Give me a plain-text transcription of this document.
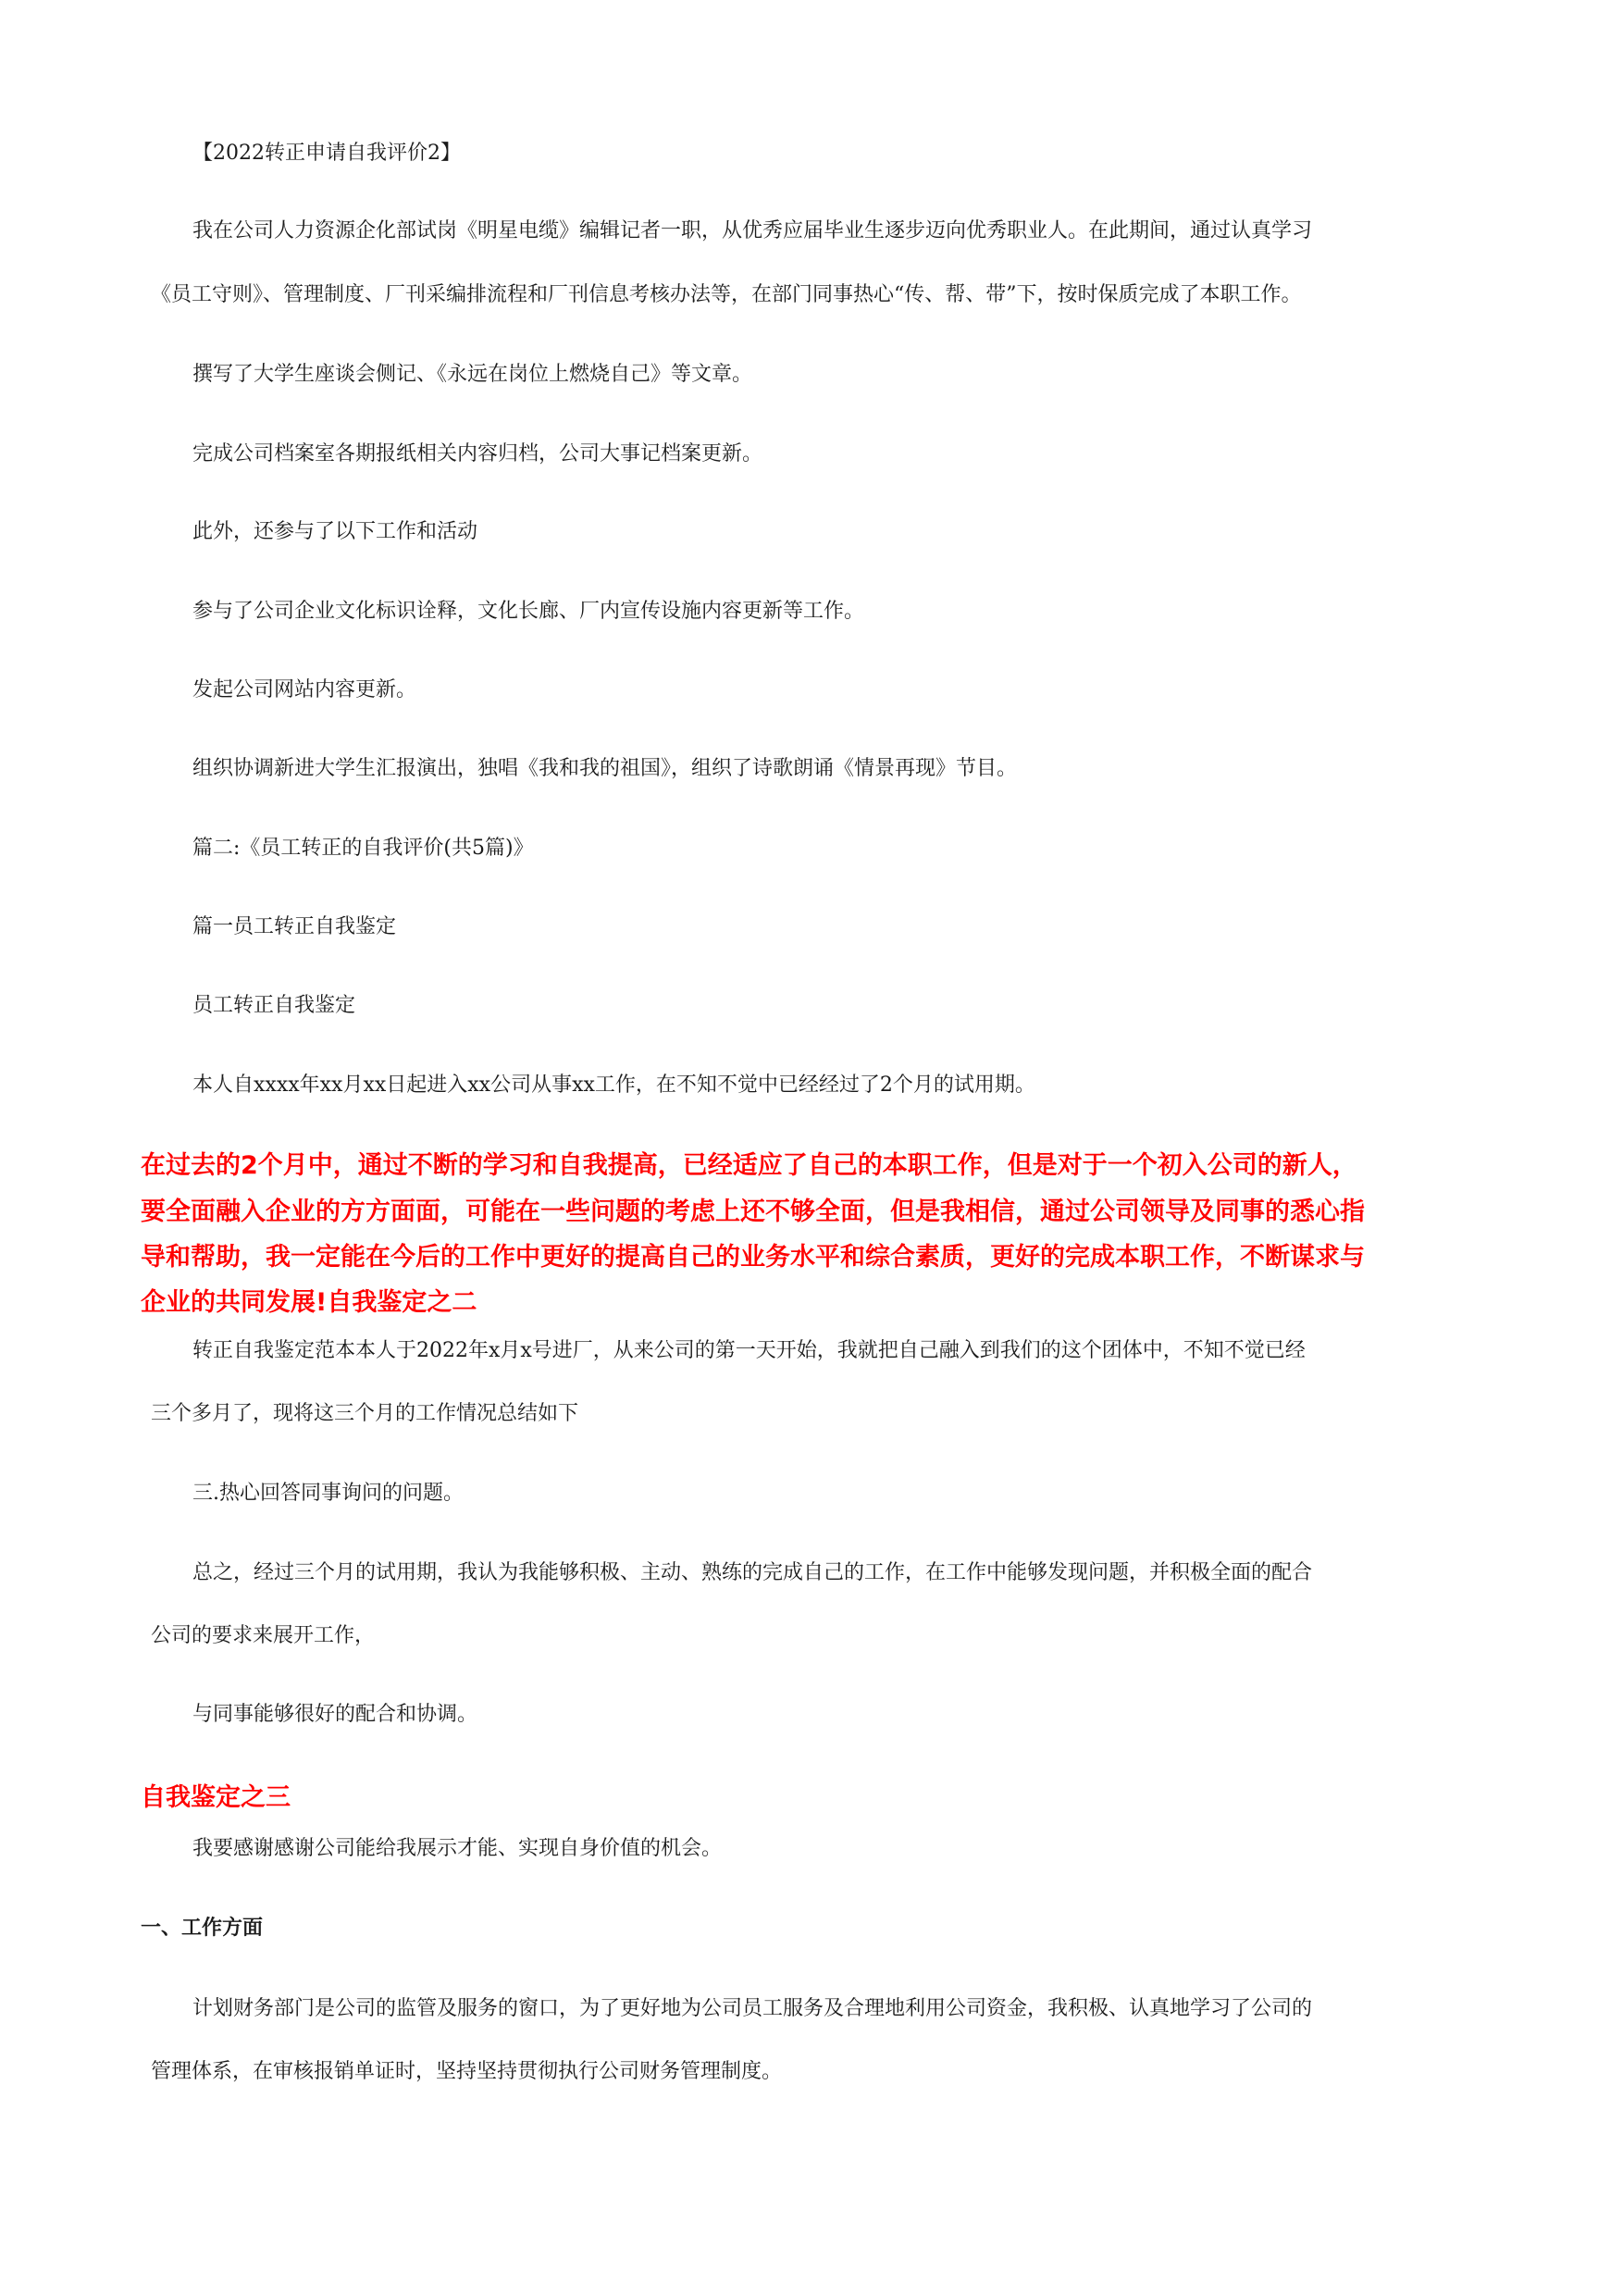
【2022转正申请自我评价2】

我在公司人力资源企化部试岗《明星电缆》编辑记者一职，从优秀应届毕业生逐步迈向优秀职业人。在此期间，通过认真学习

《员工守则》、管理制度、厂刊采编排流程和厂刊信息考核办法等，在部门同事热心“传、帮、带”下，按时保质完成了本职工作。

撰写了大学生座谈会侧记、《永远在岗位上燃烧自己》等文章。

完成公司档案室各期报纸相关内容归档，公司大事记档案更新。

此外，还参与了以下工作和活动

参与了公司企业文化标识诠释，文化长廊、厂内宣传设施内容更新等工作。

发起公司网站内容更新。

组织协调新进大学生汇报演出，独唱《我和我的祖国》，组织了诗歌朗诵《情景再现》节目。

篇二:《员工转正的自我评价(共5篇)》

篇一员工转正自我鉴定

员工转正自我鉴定

本人自xxxx年xx月xx日起进入xx公司从事xx工作，在不知不觉中已经经过了2个月的试用期。

在过去的2个月中，通过不断的学习和自我提高，已经适应了自己的本职工作，但是对于一个初入公司的新人，

要全面融入企业的方方面面，可能在一些问题的考虑上还不够全面，但是我相信，通过公司领导及同事的悉心指

导和帮助，我一定能在今后的工作中更好的提高自己的业务水平和综合素质，更好的完成本职工作，不断谋求与

企业的共同发展!自我鉴定之二

转正自我鉴定范本本人于2022年x月x号进厂，从来公司的第一天开始，我就把自己融入到我们的这个团体中，不知不觉已经

三个多月了，现将这三个月的工作情况总结如下

三.热心回答同事询问的问题。

总之，经过三个月的试用期，我认为我能够积极、主动、熟练的完成自己的工作，在工作中能够发现问题，并积极全面的配合

公司的要求来展开工作，

与同事能够很好的配合和协调。

自我鉴定之三

我要感谢感谢公司能给我展示才能、实现自身价值的机会。

一、工作方面

计划财务部门是公司的监管及服务的窗口，为了更好地为公司员工服务及合理地利用公司资金，我积极、认真地学习了公司的

管理体系，在审核报销单证时，坚持坚持贯彻执行公司财务管理制度。
